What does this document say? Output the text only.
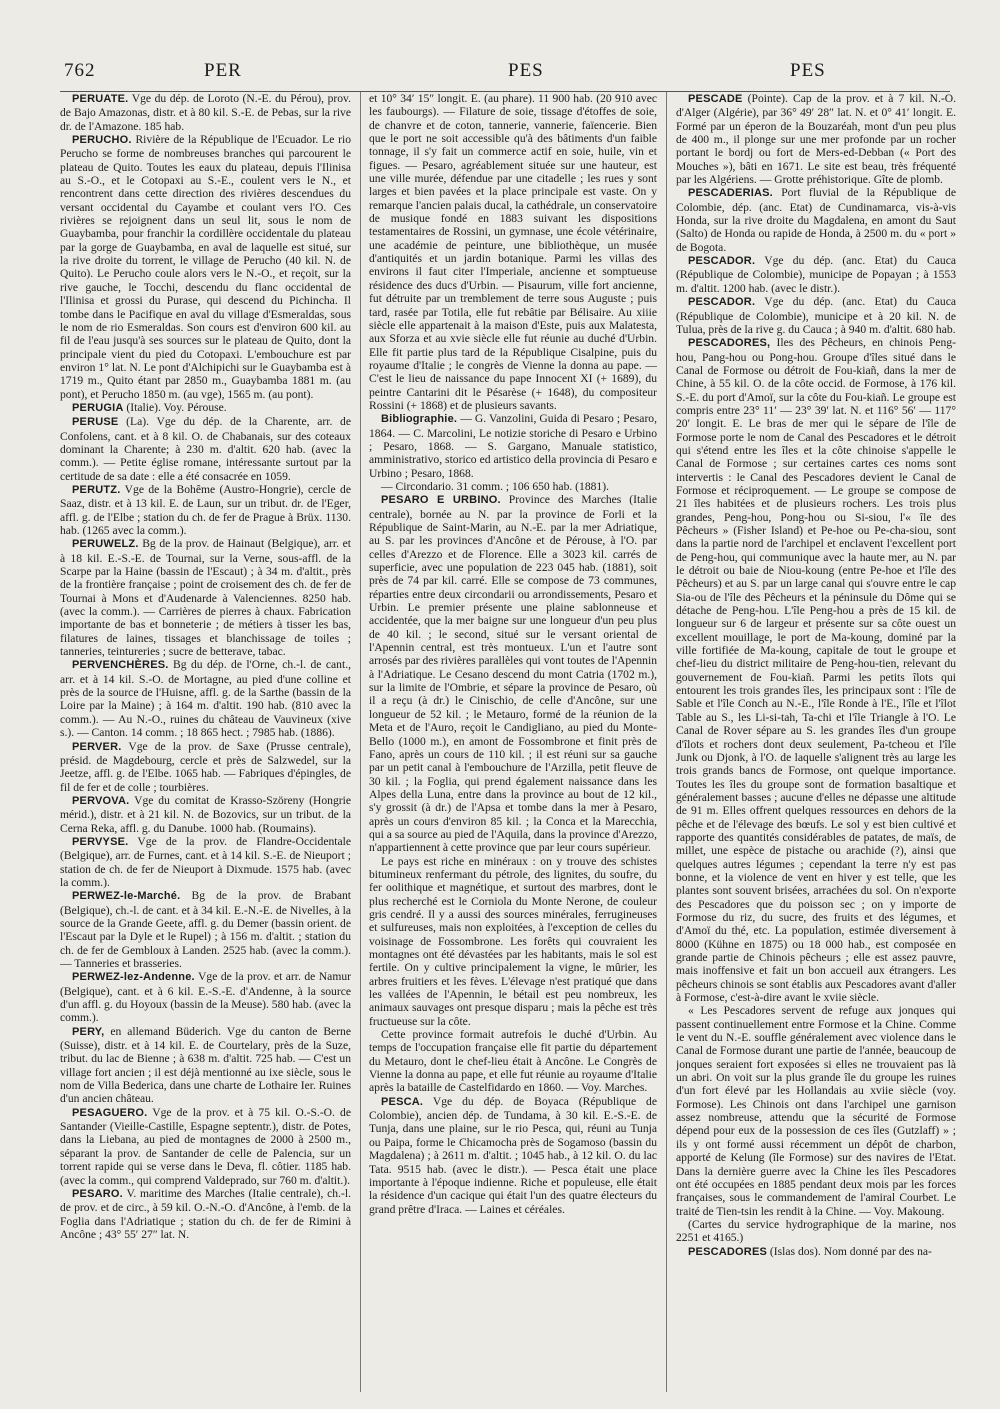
762	PER	PES	PES

PERUATE. Vge du dép. de Loroto (N.-E. du Pérou), prov. de Bajo Amazonas, distr. et à 80 kil. S.-E. de Pebas, sur la rive dr. de l'Amazone. 185 hab.

PERUCHO. Rivière de la République de l'Ecuador. Le rio Perucho se forme de nombreuses branches qui parcourent le plateau de Quito. Toutes les eaux du plateau, depuis l'Ilinisa au S.-O., et le Cotopaxi au S.-E., coulent vers le N., et rencontrent dans cette direction des rivières descendues du versant occidental du Cayambe et coulant vers l'O. Ces rivières se rejoignent dans un seul lit, sous le nom de Guaybamba, pour franchir la cordillère occidentale du plateau par la gorge de Guaybamba, en aval de laquelle est situé, sur la rive droite du torrent, le village de Perucho (40 kil. N. de Quito). Le Perucho coule alors vers le N.-O., et reçoit, sur la rive gauche, le Tocchi, descendu du flanc occidental de l'Ilinisa et grossi du Purase, qui descend du Pichincha. Il tombe dans le Pacifique en aval du village d'Esmeraldas, sous le nom de rio Esmeraldas. Son cours est d'environ 600 kil. au fil de l'eau jusqu'à ses sources sur le plateau de Quito, dont la principale vient du pied du Cotopaxi. L'embouchure est par environ 1° lat. N. Le pont d'Alchipichi sur le Guaybamba est à 1719 m., Quito étant par 2850 m., Guaybamba 1881 m. (au pont), et Perucho 1850 m. (au vge), 1565 m. (au pont).

PERUGIA (Italie). Voy. Pérouse.

PERUSE (La). Vge du dép. de la Charente, arr. de Confolens, cant. et à 8 kil. O. de Chabanais, sur des coteaux dominant la Charente; à 230 m. d'altit. 620 hab. (avec la comm.). — Petite église romane, intéressante surtout par la certitude de sa date : elle a été consacrée en 1059.

PERUTZ. Vge de la Bohême (Austro-Hongrie), cercle de Saaz, distr. et à 13 kil. E. de Laun, sur un tribut. dr. de l'Eger, affl. g. de l'Elbe ; station du ch. de fer de Prague à Brüx. 1130. hab. (1265 avec la comm.).

PERUWELZ. Bg de la prov. de Hainaut (Belgique), arr. et à 18 kil. E.-S.-E. de Tournai, sur la Verne, sous-affl. de la Scarpe par la Haine (bassin de l'Escaut) ; à 34 m. d'altit., près de la frontière française ; point de croisement des ch. de fer de Tournai à Mons et d'Audenarde à Valenciennes. 8250 hab. (avec la comm.). — Carrières de pierres à chaux. Fabrication importante de bas et bonneterie ; de métiers à tisser les bas, filatures de laines, tissages et blanchissage de toiles ; tanneries, teintureries ; sucre de betterave, tabac.

PERVENCHÈRES. Bg du dép. de l'Orne, ch.-l. de cant., arr. et à 14 kil. S.-O. de Mortagne, au pied d'une colline et près de la source de l'Huisne, affl. g. de la Sarthe (bassin de la Loire par la Maine) ; à 164 m. d'altit. 190 hab. (810 avec la comm.). — Au N.-O., ruines du château de Vauvineux (xive s.). — Canton. 14 comm. ; 18 865 hect. ; 7985 hab. (1886).

PERVER. Vge de la prov. de Saxe (Prusse centrale), présid. de Magdebourg, cercle et près de Salzwedel, sur la Jeetze, affl. g. de l'Elbe. 1065 hab. — Fabriques d'épingles, de fil de fer et de colle ; tourbières.

PERVOVA. Vge du comitat de Krasso-Szöreny (Hongrie mérid.), distr. et à 21 kil. N. de Bozovics, sur un tribut. de la Cerna Reka, affl. g. du Danube. 1000 hab. (Roumains).

PERVYSE. Vge de la prov. de Flandre-Occidentale (Belgique), arr. de Furnes, cant. et à 14 kil. S.-E. de Nieuport ; station de ch. de fer de Nieuport à Dixmude. 1575 hab. (avec la comm.).

PERWEZ-le-Marché. Bg de la prov. de Brabant (Belgique), ch.-l. de cant. et à 34 kil. E.-N.-E. de Nivelles, à la source de la Grande Geete, affl. g. du Demer (bassin orient. de l'Escaut par la Dyle et le Rupel) ; à 156 m. d'altit. ; station du ch. de fer de Gembloux à Landen. 2525 hab. (avec la comm.). — Tanneries et brasseries.

PERWEZ-lez-Andenne. Vge de la prov. et arr. de Namur (Belgique), cant. et à 6 kil. E.-S.-E. d'Andenne, à la source d'un affl. g. du Hoyoux (bassin de la Meuse). 580 hab. (avec la comm.).

PERY, en allemand Büderich. Vge du canton de Berne (Suisse), distr. et à 14 kil. E. de Courtelary, près de la Suze, tribut. du lac de Bienne ; à 638 m. d'altit. 725 hab. — C'est un village fort ancien ; il est déjà mentionné au ixe siècle, sous le nom de Villa Bederica, dans une charte de Lothaire Ier. Ruines d'un ancien château.

PESAGUERO. Vge de la prov. et à 75 kil. O.-S.-O. de Santander (Vieille-Castille, Espagne septentr.), distr. de Potes, dans la Liebana, au pied de montagnes de 2000 à 2500 m., séparant la prov. de Santander de celle de Palencia, sur un torrent rapide qui se verse dans le Deva, fl. côtier. 1185 hab. (avec la comm., qui comprend Valdeprado, sur 760 m. d'altit.).

PESARO. V. maritime des Marches (Italie centrale), ch.-l. de prov. et de circ., à 59 kil. O.-N.-O. d'Ancône, à l'emb. de la Foglia dans l'Adriatique ; station du ch. de fer de Rimini à Ancône ; 43° 55′ 27″ lat. N.

et 10° 34′ 15″ longit. E. (au phare). 11 900 hab. (20 910 avec les faubourgs). — Filature de soie, tissage d'étoffes de soie, de chanvre et de coton, tannerie, vannerie, faïencerie. Bien que le port ne soit accessible qu'à des bâtiments d'un faible tonnage, il s'y fait un commerce actif en soie, huile, vin et figues. — Pesaro, agréablement située sur une hauteur, est une ville murée, défendue par une citadelle ; les rues y sont larges et bien pavées et la place principale est vaste. On y remarque l'ancien palais ducal, la cathédrale, un conservatoire de musique fondé en 1883 suivant les dispositions testamentaires de Rossini, un gymnase, une école vétérinaire, une académie de peinture, une bibliothèque, un musée d'antiquités et un jardin botanique. Parmi les villas des environs il faut citer l'Imperiale, ancienne et somptueuse résidence des ducs d'Urbin. — Pisaurum, ville fort ancienne, fut détruite par un tremblement de terre sous Auguste ; puis tard, rasée par Totila, elle fut rebâtie par Bélisaire. Au xiiie siècle elle appartenait à la maison d'Este, puis aux Malatesta, aux Sforza et au xvie siècle elle fut réunie au duché d'Urbin. Elle fit partie plus tard de la République Cisalpine, puis du royaume d'Italie ; le congrès de Vienne la donna au pape. — C'est le lieu de naissance du pape Innocent XI (+ 1689), du peintre Cantarini dit le Pésarèse (+ 1648), du compositeur Rossini (+ 1868) et de plusieurs savants.

Bibliographie. — G. Vanzolini, Guida di Pesaro ; Pesaro, 1864. — C. Marcolini, Le notizie storiche di Pesaro e Urbino ; Pesaro, 1868. — S. Gargano, Manuale statistico, amministrativo, storico ed artistico della provincia di Pesaro e Urbino ; Pesaro, 1868.

— Circondario. 31 comm. ; 106 650 hab. (1881).

PESARO E URBINO. Province des Marches (Italie centrale), bornée au N. par la province de Forli et la République de Saint-Marin, au N.-E. par la mer Adriatique, au S. par les provinces d'Ancône et de Pérouse, à l'O. par celles d'Arezzo et de Florence. Elle a 3023 kil. carrés de superficie, avec une population de 223 045 hab. (1881), soit près de 74 par kil. carré. Elle se compose de 73 communes, réparties entre deux circondarii ou arrondissements, Pesaro et Urbin. Le premier présente une plaine sablonneuse et accidentée, que la mer baigne sur une longueur d'un peu plus de 40 kil. ; le second, situé sur le versant oriental de l'Apennin central, est très montueux. L'un et l'autre sont arrosés par des rivières parallèles qui vont toutes de l'Apennin à l'Adriatique. Le Cesano descend du mont Catria (1702 m.), sur la limite de l'Ombrie, et sépare la province de Pesaro, où il a reçu (à dr.) le Cinischio, de celle d'Ancône, sur une longueur de 52 kil. ; le Metauro, formé de la réunion de la Meta et de l'Auro, reçoit le Candigliano, au pied du Monte-Bello (1000 m.), en amont de Fossombrone et finit près de Fano, après un cours de 110 kil. ; il est réuni sur sa gauche par un petit canal à l'embouchure de l'Arzilla, petit fleuve de 30 kil. ; la Foglia, qui prend également naissance dans les Alpes della Luna, entre dans la province au bout de 12 kil., s'y grossit (à dr.) de l'Apsa et tombe dans la mer à Pesaro, après un cours d'environ 85 kil. ; la Conca et la Marecchia, qui a sa source au pied de l'Aquila, dans la province d'Arezzo, n'appartiennent à cette province que par leur cours supérieur.

Le pays est riche en minéraux : on y trouve des schistes bitumineux renfermant du pétrole, des lignites, du soufre, du fer oolithique et magnétique, et surtout des marbres, dont le plus recherché est le Corniola du Monte Nerone, de couleur gris cendré. Il y a aussi des sources minérales, ferrugineuses et sulfureuses, mais non exploitées, à l'exception de celles du voisinage de Fossombrone. Les forêts qui couvraient les montagnes ont été dévastées par les habitants, mais le sol est fertile. On y cultive principalement la vigne, le mûrier, les arbres fruitiers et les fèves. L'élevage n'est pratiqué que dans les vallées de l'Apennin, le bétail est peu nombreux, les animaux sauvages ont presque disparu ; mais la pêche est très fructueuse sur la côte.

Cette province formait autrefois le duché d'Urbin. Au temps de l'occupation française elle fit partie du département du Metauro, dont le chef-lieu était à Ancône. Le Congrès de Vienne la donna au pape, et elle fut réunie au royaume d'Italie après la bataille de Castelfidardo en 1860. — Voy. Marches.

PESCA. Vge du dép. de Boyaca (République de Colombie), ancien dép. de Tundama, à 30 kil. E.-S.-E. de Tunja, dans une plaine, sur le rio Pesca, qui, réuni au Tunja ou Paipa, forme le Chicamocha près de Sogamoso (bassin du Magdalena) ; à 2611 m. d'altit. ; 1045 hab., à 12 kil. O. du lac Tata. 9515 hab. (avec le distr.). — Pesca était une place importante à l'époque indienne. Riche et populeuse, elle était la résidence d'un cacique qui était l'un des quatre électeurs du grand prêtre d'Iraca. — Laines et céréales.

PESCADE (Pointe). Cap de la prov. et à 7 kil. N.-O. d'Alger (Algérie), par 36° 49′ 28″ lat. N. et 0° 41′ longit. E. Formé par un éperon de la Bouzaréah, mont d'un peu plus de 400 m., il plonge sur une mer profonde par un rocher portant le bordj ou fort de Mers-ed-Debban (« Port des Mouches »), bâti en 1671. Le site est beau, très fréquenté par les Algériens. — Grotte préhistorique. Gîte de plomb.

PESCADERIAS. Port fluvial de la République de Colombie, dép. (anc. Etat) de Cundinamarca, vis-à-vis Honda, sur la rive droite du Magdalena, en amont du Saut (Salto) de Honda ou rapide de Honda, à 2500 m. du « port » de Bogota.

PESCADOR. Vge du dép. (anc. Etat) du Cauca (République de Colombie), municipe de Popayan ; à 1553 m. d'altit. 1200 hab. (avec le distr.).

PESCADOR. Vge du dép. (anc. Etat) du Cauca (République de Colombie), municipe et à 20 kil. N. de Tulua, près de la rive g. du Cauca ; à 940 m. d'altit. 680 hab.

PESCADORES, Iles des Pêcheurs, en chinois Peng-hou, Pang-hou ou Pong-hou. Groupe d'îles situé dans le Canal de Formose ou détroit de Fou-kiañ, dans la mer de Chine, à 55 kil. O. de la côte occid. de Formose, à 176 kil. S.-E. du port d'Amoï, sur la côte du Fou-kiañ. Le groupe est compris entre 23° 11′ — 23° 39′ lat. N. et 116° 56′ — 117° 20′ longit. E. Le bras de mer qui le sépare de l'île de Formose porte le nom de Canal des Pescadores et le détroit qui s'étend entre les îles et la côte chinoise s'appelle le Canal de Formose ; sur certaines cartes ces noms sont intervertis : le Canal des Pescadores devient le Canal de Formose et réciproquement. — Le groupe se compose de 21 îles habitées et de plusieurs rochers. Les trois plus grandes, Peng-hou, Pong-hou ou Si-siou, l'« île des Pêcheurs » (Fisher Island) et Pe-hoe ou Pe-cha-siou, sont dans la partie nord de l'archipel et enclavent l'excellent port de Peng-hou, qui communique avec la haute mer, au N. par le détroit ou baie de Niou-koung (entre Pe-hoe et l'île des Pêcheurs) et au S. par un large canal qui s'ouvre entre le cap Sia-ou de l'île des Pêcheurs et la péninsule du Dôme qui se détache de Peng-hou. L'île Peng-hou a près de 15 kil. de longueur sur 6 de largeur et présente sur sa côte ouest un excellent mouillage, le port de Ma-koung, dominé par la ville fortifiée de Ma-koung, capitale de tout le groupe et chef-lieu du district militaire de Peng-hou-tien, relevant du gouvernement de Fou-kiañ. Parmi les petits îlots qui entourent les trois grandes îles, les principaux sont : l'île de Sable et l'île Conch au N.-E., l'île Ronde à l'E., l'île et l'îlot Table au S., les Li-si-tah, Ta-chi et l'île Triangle à l'O. Le Canal de Rover sépare au S. les grandes îles d'un groupe d'îlots et rochers dont deux seulement, Pa-tcheou et l'île Junk ou Djonk, à l'O. de laquelle s'alignent très au large les trois grands bancs de Formose, ont quelque importance. Toutes les îles du groupe sont de formation basaltique et généralement basses ; aucune d'elles ne dépasse une altitude de 91 m. Elles offrent quelques ressources en dehors de la pêche et de l'élevage des bœufs. Le sol y est bien cultivé et rapporte des quantités considérables de patates, de maïs, de millet, une espèce de pistache ou arachide (?), ainsi que quelques autres légumes ; cependant la terre n'y est pas bonne, et la violence de vent en hiver y est telle, que les plantes sont souvent brisées, arrachées du sol. On n'exporte des Pescadores que du poisson sec ; on y importe de Formose du riz, du sucre, des fruits et des légumes, et d'Amoï du thé, etc. La population, estimée diversement à 8000 (Kühne en 1875) ou 18 000 hab., est composée en grande partie de Chinois pêcheurs ; elle est assez pauvre, mais inoffensive et fait un bon accueil aux étrangers. Les pêcheurs chinois se sont établis aux Pescadores avant d'aller à Formose, c'est-à-dire avant le xviie siècle.

« Les Pescadores servent de refuge aux jonques qui passent continuellement entre Formose et la Chine. Comme le vent du N.-E. souffle généralement avec violence dans le Canal de Formose durant une partie de l'année, beaucoup de jonques seraient fort exposées si elles ne trouvaient pas là un abri. On voit sur la plus grande île du groupe les ruines d'un fort élevé par les Hollandais au xviie siècle (voy. Formose). Les Chinois ont dans l'archipel une garnison assez nombreuse, attendu que la sécurité de Formose dépend pour eux de la possession de ces îles (Gutzlaff) » ; ils y ont formé aussi récemment un dépôt de charbon, apporté de Kelung (île Formose) sur des navires de l'Etat. Dans la dernière guerre avec la Chine les îles Pescadores ont été occupées en 1885 pendant deux mois par les forces françaises, sous le commandement de l'amiral Courbet. Le traité de Tien-tsin les rendit à la Chine. — Voy. Makoung.

(Cartes du service hydrographique de la marine, nos 2251 et 4165.)

PESCADORES (Islas dos). Nom donné par des na-
